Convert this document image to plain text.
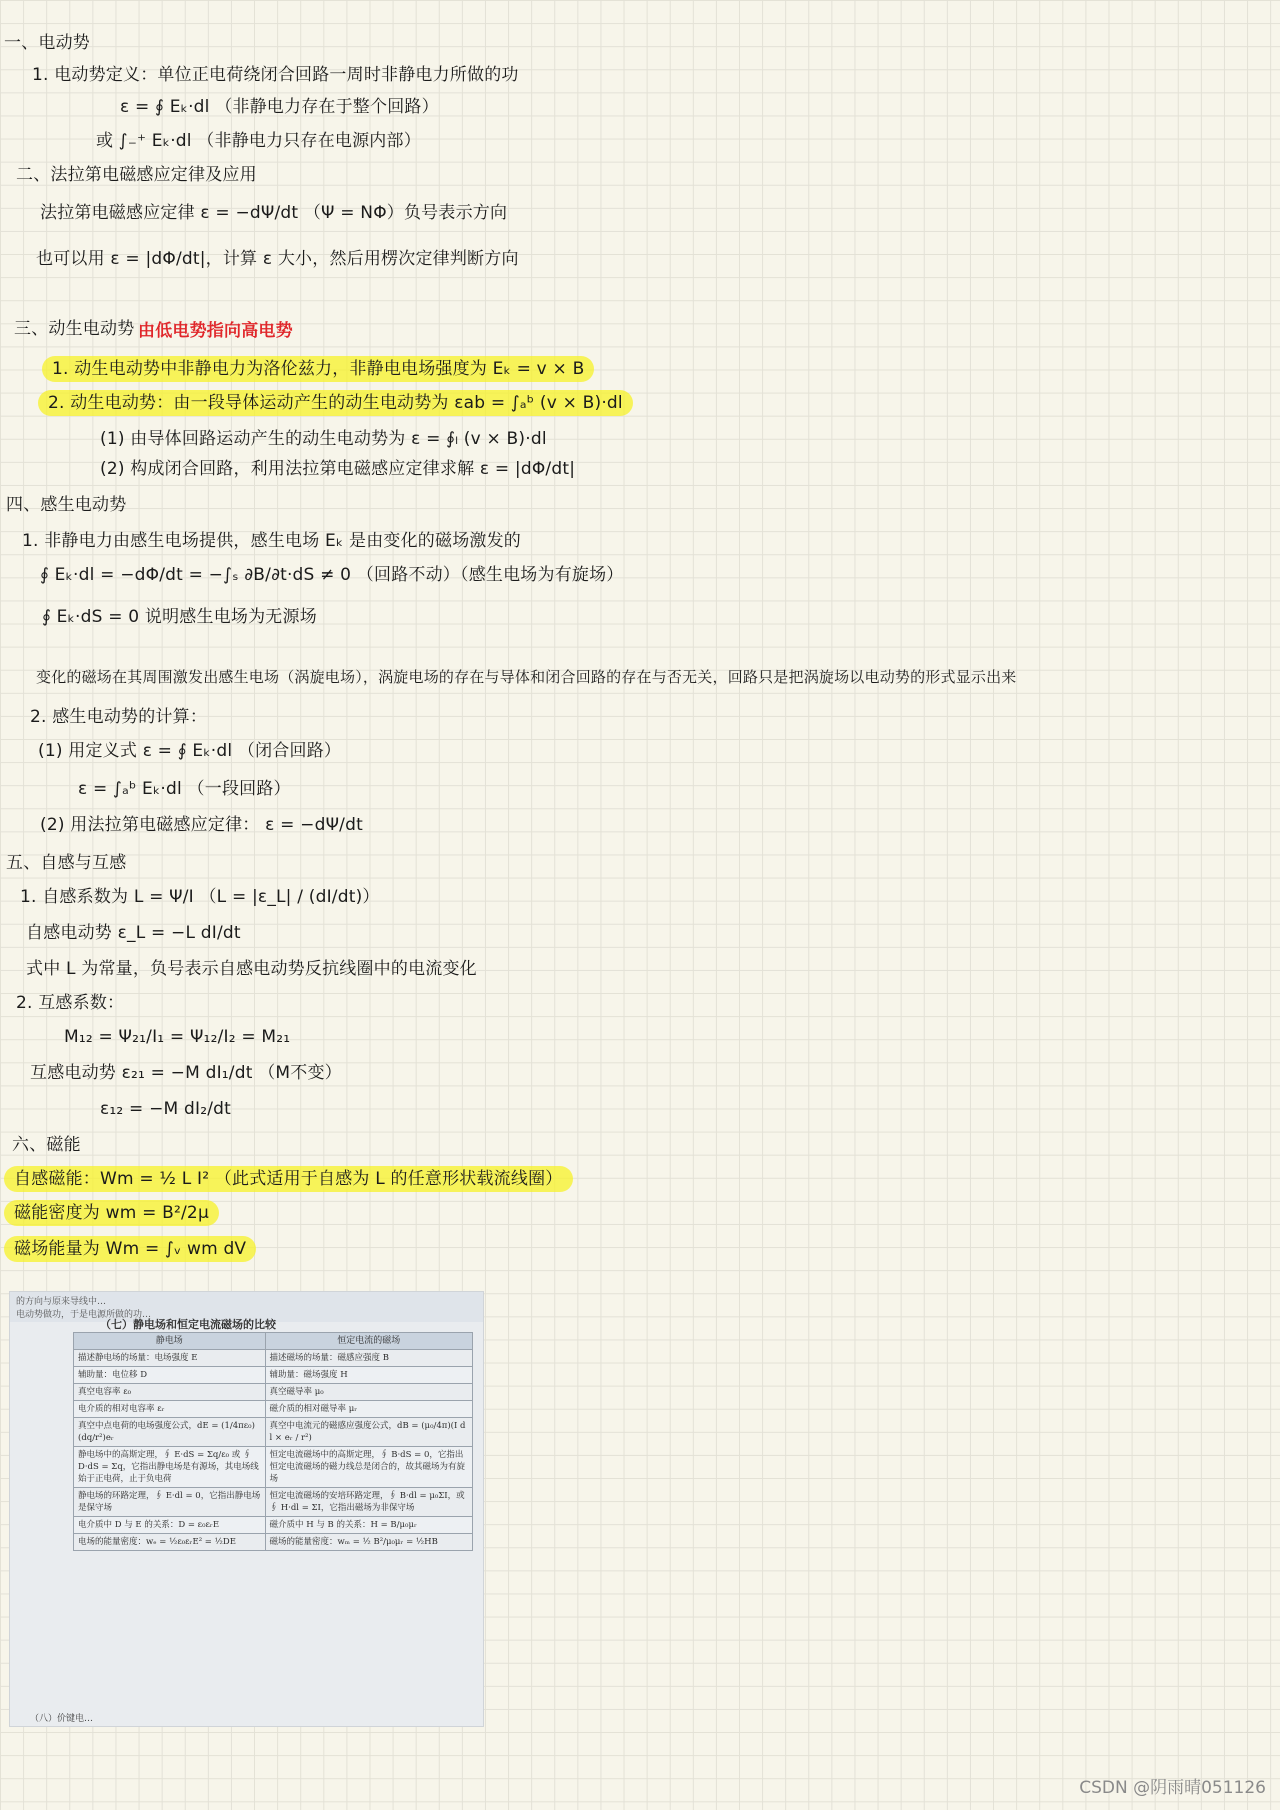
一、电动势
1. 电动势定义：单位正电荷绕闭合回路一周时非静电力所做的功
ε = ∮ Eₖ·dl （非静电力存在于整个回路）
或 ∫₋⁺ Eₖ·dl （非静电力只存在电源内部）
二、法拉第电磁感应定律及应用
法拉第电磁感应定律 ε = −dΨ/dt （Ψ = NΦ）负号表示方向
也可以用 ε = |dΦ/dt|，计算 ε 大小，然后用楞次定律判断方向
三、动生电动势 由低电势指向高电势
1. 动生电动势中非静电力为洛伦兹力，非静电电场强度为 Eₖ = v × B
2. 动生电动势：由一段导体运动产生的动生电动势为 εab = ∫ₐᵇ (v × B)·dl
(1) 由导体回路运动产生的动生电动势为 ε = ∮ₗ (v × B)·dl
(2) 构成闭合回路，利用法拉第电磁感应定律求解 ε = |dΦ/dt|
四、感生电动势
1. 非静电力由感生电场提供，感生电场 Eₖ 是由变化的磁场激发的
∮ Eₖ·dl = −dΦ/dt = −∫ₛ ∂B/∂t·dS ≠ 0 （回路不动）（感生电场为有旋场）
∮ Eₖ·dS = 0 说明感生电场为无源场
变化的磁场在其周围激发出感生电场（涡旋电场），涡旋电场的存在与导体和闭合回路的存在与否无关，回路只是把涡旋场以电动势的形式显示出来
2. 感生电动势的计算：
(1) 用定义式 ε = ∮ Eₖ·dl （闭合回路）
ε = ∫ₐᵇ Eₖ·dl （一段回路）
(2) 用法拉第电磁感应定律： ε = −dΨ/dt
五、自感与互感
1. 自感系数为 L = Ψ/I （L = |ε_L| / (dI/dt)）
自感电动势 ε_L = −L dI/dt
式中 L 为常量，负号表示自感电动势反抗线圈中的电流变化
2. 互感系数：
M₁₂ = Ψ₂₁/I₁ = Ψ₁₂/I₂ = M₂₁
互感电动势 ε₂₁ = −M dI₁/dt （M不变）
ε₁₂ = −M dI₂/dt
六、磁能
自感磁能：Wm = ½ L I² （此式适用于自感为 L 的任意形状载流线圈）
磁能密度为 wm = B²/2μ
磁场能量为 Wm = ∫ᵥ wm dV
的方向与原来导线中…
电动势做功，于是电源所做的功…
（七）静电场和恒定电流磁场的比较
静电场	恒定电流的磁场
描述静电场的场量：电场强度 E	描述磁场的场量：磁感应强度 B
辅助量：电位移 D	辅助量：磁场强度 H
真空电容率 ε₀	真空磁导率 μ₀
电介质的相对电容率 εᵣ	磁介质的相对磁导率 μᵣ
真空中点电荷的电场强度公式，dE = (1/4πε₀)(dq/r²)eᵣ	真空中电流元的磁感应强度公式，dB = (μ₀/4π)(I dl × eᵣ / r²)
静电场中的高斯定理，∮ E·dS = Σq/ε₀ 或 ∮ D·dS = Σq，它指出静电场是有源场，其电场线始于正电荷，止于负电荷	恒定电流磁场中的高斯定理，∮ B·dS = 0，它指出恒定电流磁场的磁力线总是闭合的，故其磁场为有旋场
静电场的环路定理，∮ E·dl = 0，它指出静电场是保守场	恒定电流磁场的安培环路定理，∮ B·dl = μ₀ΣI，或 ∮ H·dl = ΣI，它指出磁场为非保守场
电介质中 D 与 E 的关系：D = ε₀εᵣE	磁介质中 H 与 B 的关系：H = B/μ₀μᵣ
电场的能量密度：wₑ = ½ε₀εᵣE² = ½DE	磁场的能量密度：wₘ = ½ B²/μ₀μᵣ = ½HB
（八）价键电…
CSDN @阴雨晴051126
